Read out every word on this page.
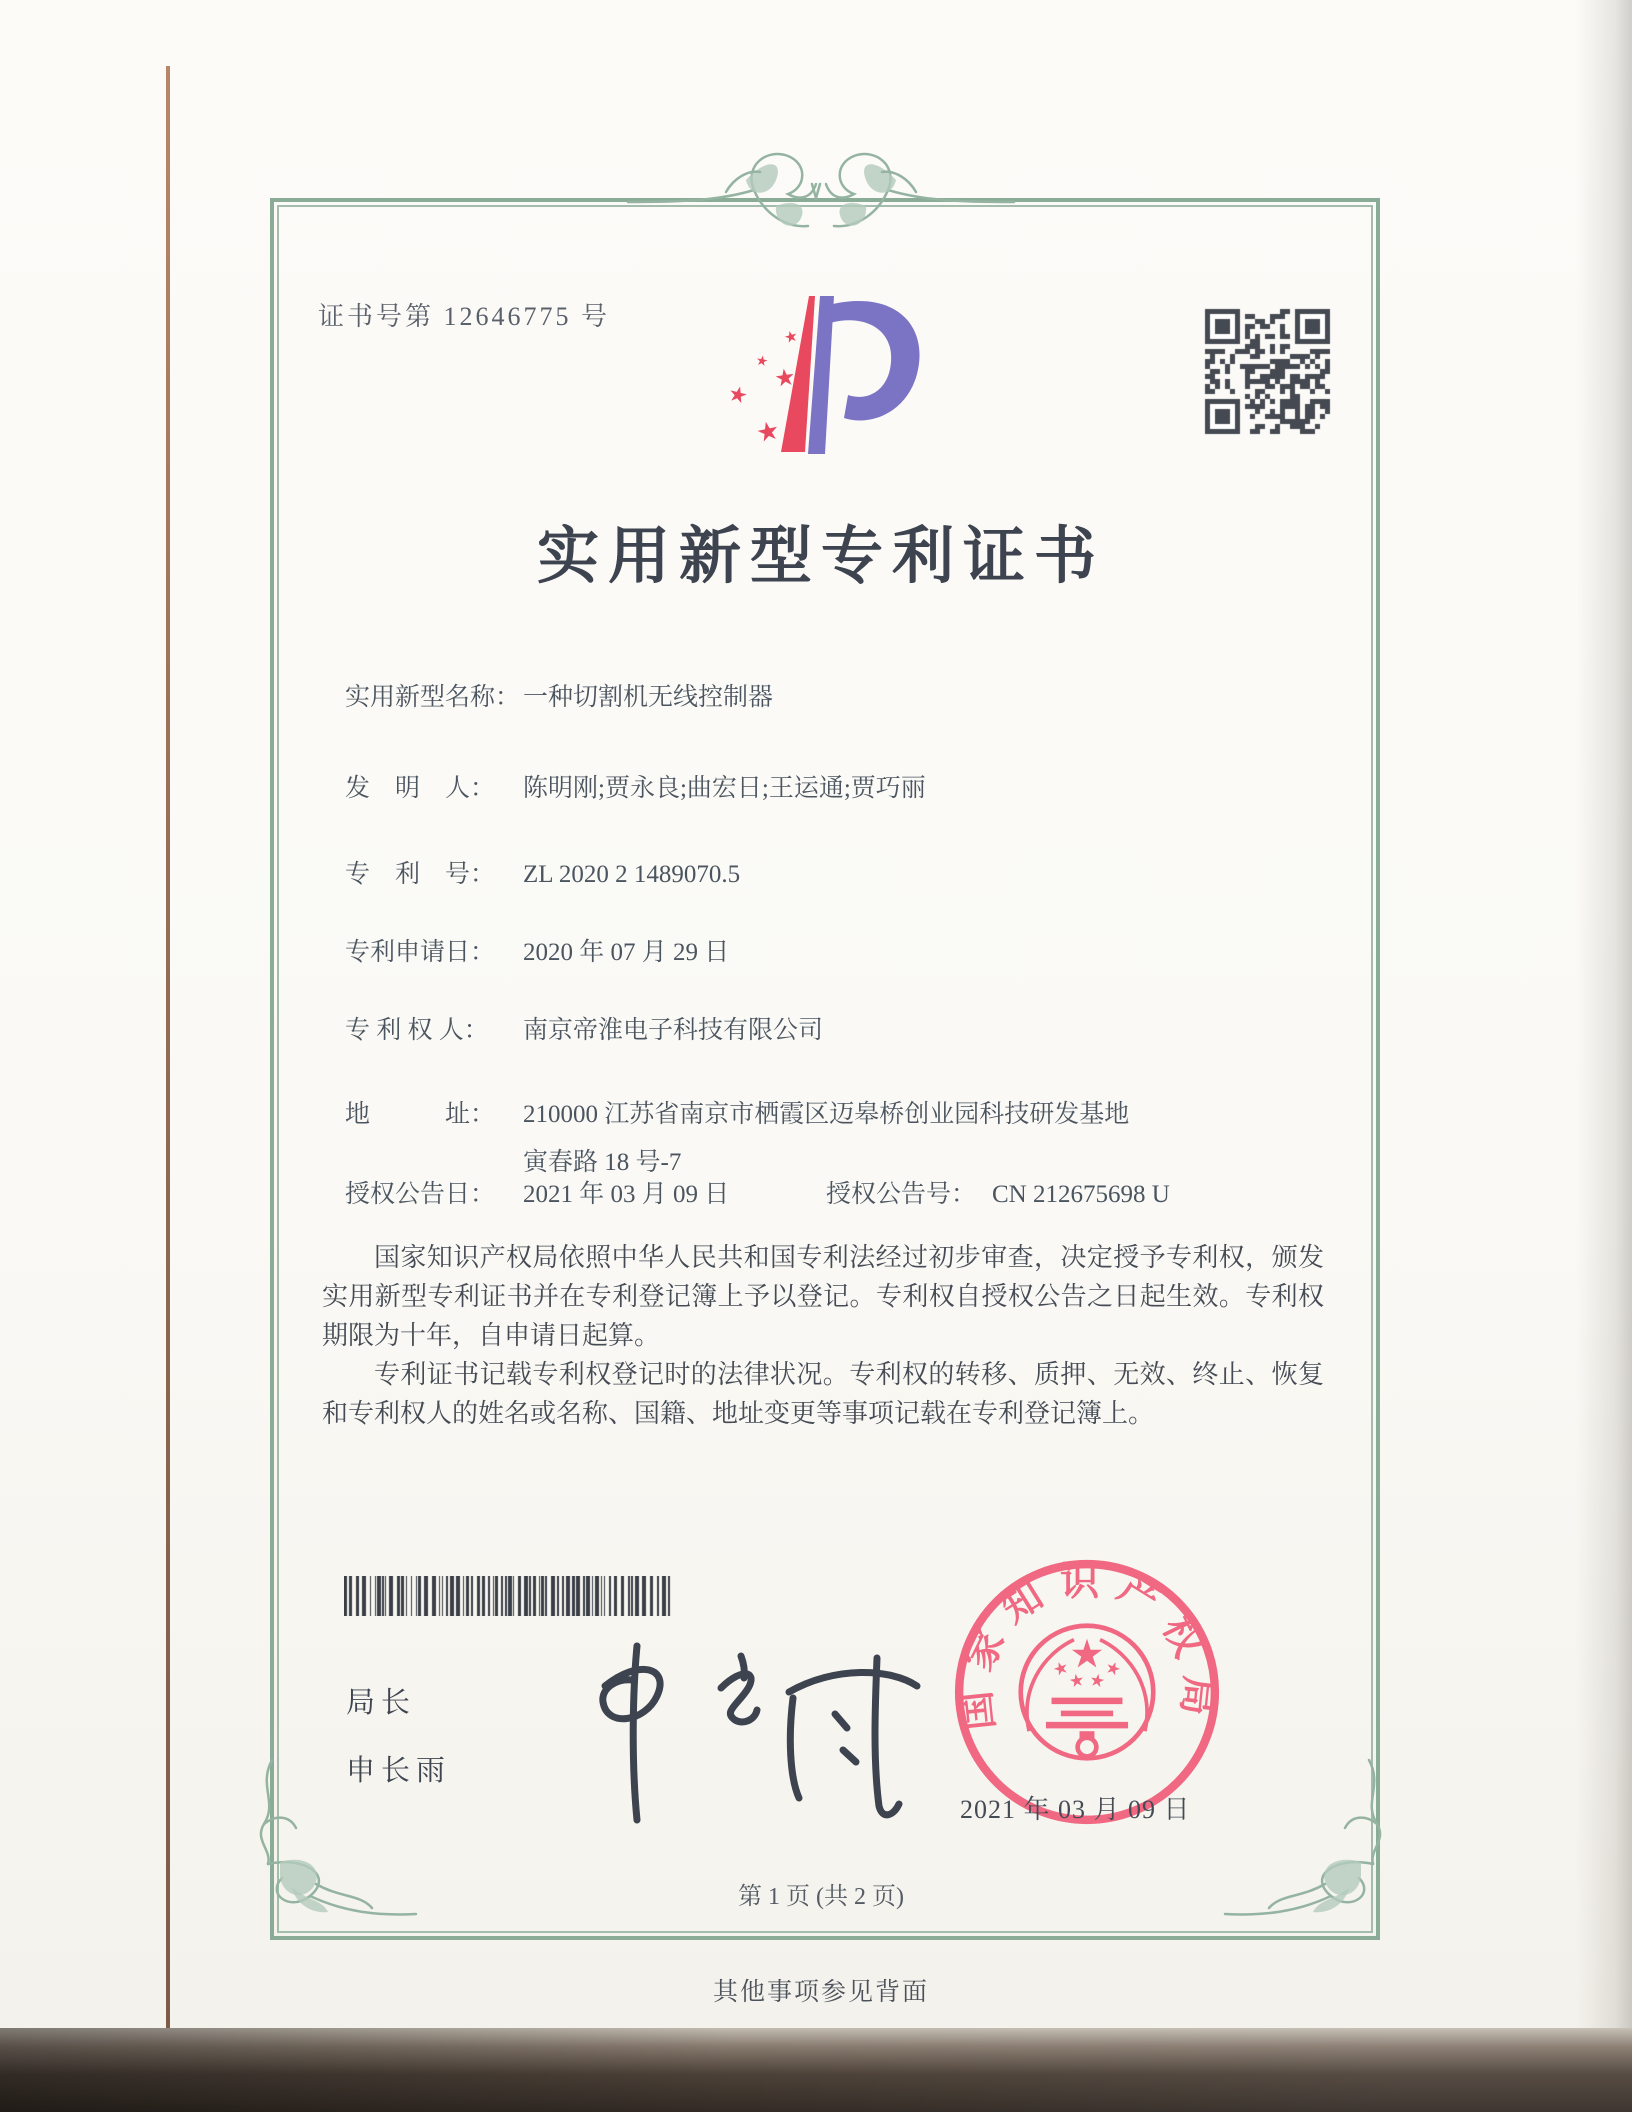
证书号第 12646775 号
实用新型专利证书
实用新型名称： 一种切割机无线控制器
发　明　人： 陈明刚;贾永良;曲宏日;王运通;贾巧丽
专　利　号： ZL 2020 2 1489070.5
专利申请日： 2020 年 07 月 29 日
专 利 权 人： 南京帝淮电子科技有限公司
地　　　址： 210000 江苏省南京市栖霞区迈皋桥创业园科技研发基地
寅春路 18 号-7
授权公告日： 2021 年 03 月 09 日	授权公告号： CN 212675698 U

国家知识产权局依照中华人民共和国专利法经过初步审查，决定授予专利权，颁发实用新型专利证书并在专利登记簿上予以登记。专利权自授权公告之日起生效。专利权期限为十年，自申请日起算。

专利证书记载专利权登记时的法律状况。专利权的转移、质押、无效、终止、恢复和专利权人的姓名或名称、国籍、地址变更等事项记载在专利登记簿上。

局长
申长雨
国家知识产权局
2021 年 03 月 09 日
第 1 页 (共 2 页)
其他事项参见背面
